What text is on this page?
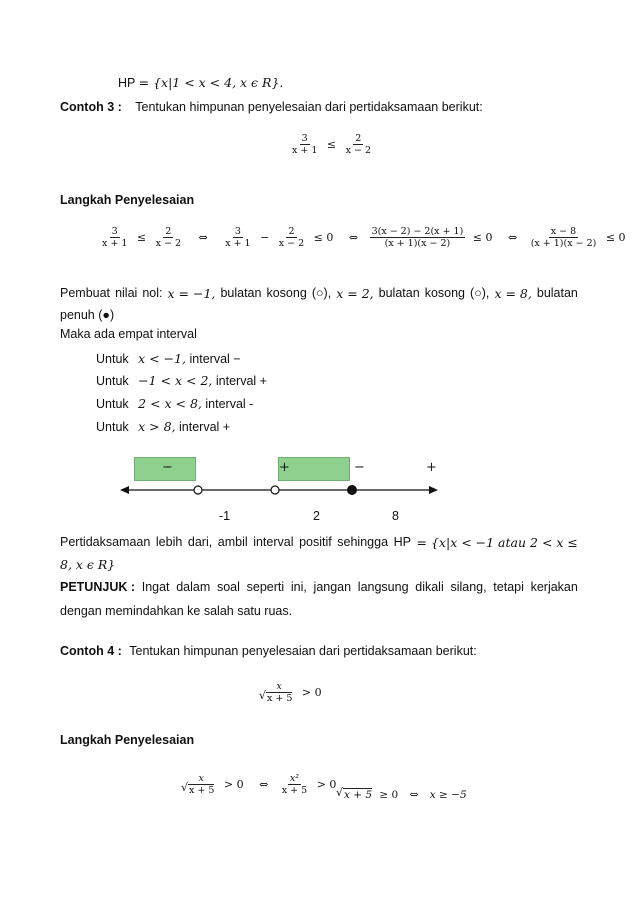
HP = {x|1 < x < 4, x ϵ R}.
Contoh 3 : Tentukan himpunan penyelesaian dari pertidaksamaan berikut:
$\frac{3}{x + 1} \le \frac{2}{x - 2}$
Langkah Penyelesaian
$\frac{3}{x + 1} \le \frac{2}{x - 2}$ ⇔ $\frac{3}{x + 1} - \frac{2}{x - 2} \le 0$ ⇔ $\frac{3(x - 2) - 2(x + 1)}{(x + 1)(x - 2)} \le 0$ ⇔ $\frac{x - 8}{(x + 1)(x - 2)} \le 0$
Pembuat nilai nol: x = −1, bulatan kosong (○), x = 2, bulatan kosong (○), x = 8, bulatan
penuh (●)
Maka ada empat interval
Untuk x < −1, interval −
Untuk −1 < x < 2, interval +
Untuk 2 < x < 8, interval -
Untuk x > 8, interval +
−	+	−	+
-1	2	8
Pertidaksamaan lebih dari, ambil interval positif sehingga HP = {x|x < −1 atau 2 < x ≤
8, x ϵ R}
PETUNJUK : Ingat dalam soal seperti ini, jangan langsung dikali silang, tetapi kerjakan
dengan memindahkan ke salah satu ruas.
Contoh 4 : Tentukan himpunan penyelesaian dari pertidaksamaan berikut:
x
√ x + 5 > 0
Langkah Penyelesaian
x
√ x + 5 > 0 ⇔ $\frac{\text{x²}}{x + 5} > 0$
√ x + 5 ≥ 0 ⇔ x ≥ −5
